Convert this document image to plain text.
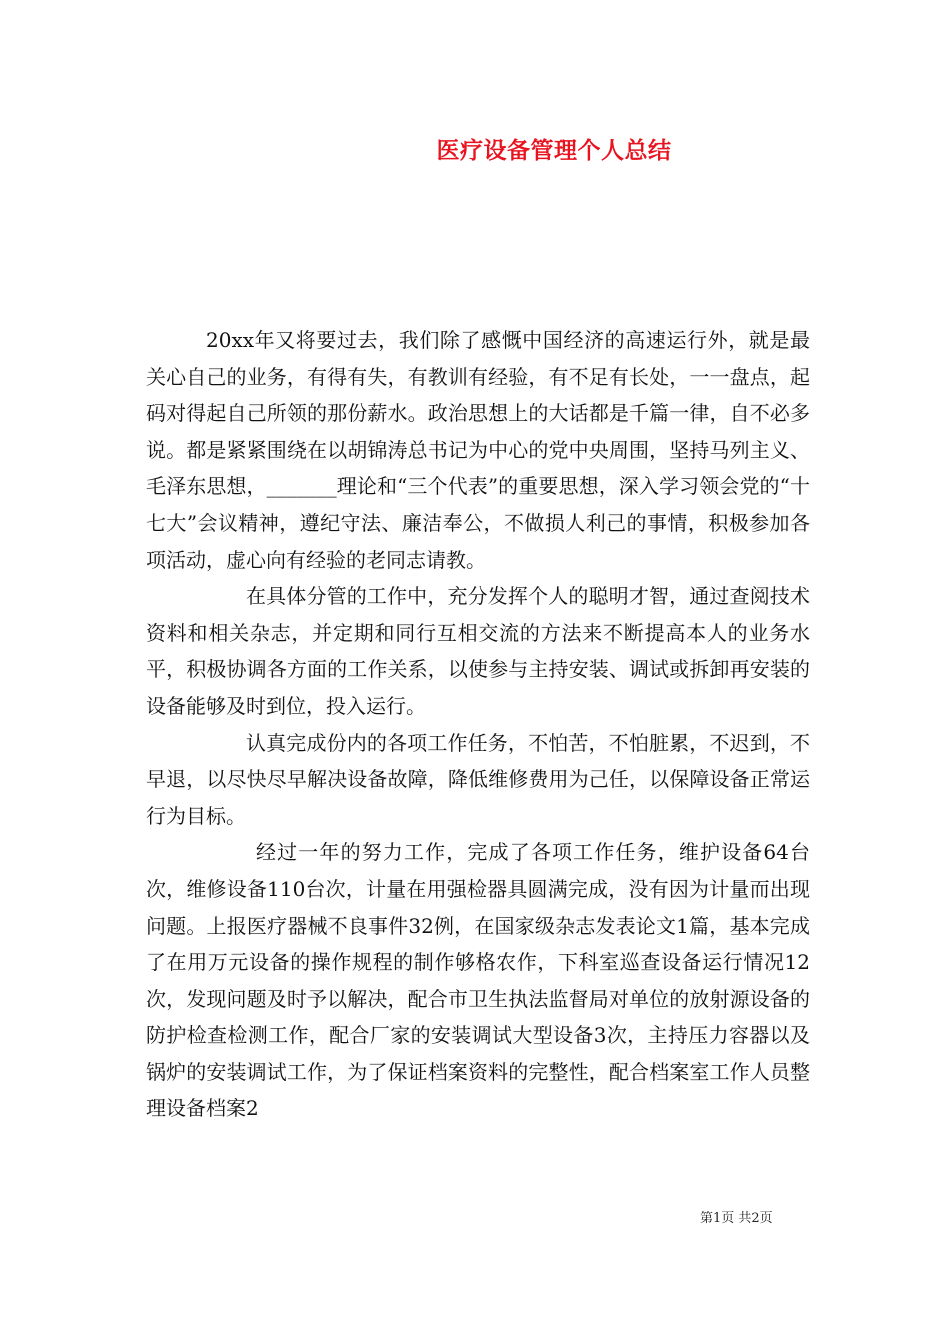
医疗设备管理个人总结

20xx年又将要过去，我们除了感慨中国经济的高速运行外，就是最关心自己的业务，有得有失，有教训有经验，有不足有长处，一一盘点，起码对得起自己所领的那份薪水。政治思想上的大话都是千篇一律，自不必多说。都是紧紧围绕在以胡锦涛总书记为中心的党中央周围，坚持马列主义、毛泽东思想，_______理论和“三个代表”的重要思想，深入学习领会党的“十七大”会议精神，遵纪守法、廉洁奉公，不做损人利己的事情，积极参加各项活动，虚心向有经验的老同志请教。

在具体分管的工作中，充分发挥个人的聪明才智，通过查阅技术资料和相关杂志，并定期和同行互相交流的方法来不断提高本人的业务水平，积极协调各方面的工作关系，以使参与主持安装、调试或拆卸再安装的设备能够及时到位，投入运行。

认真完成份内的各项工作任务，不怕苦，不怕脏累，不迟到，不早退，以尽快尽早解决设备故障，降低维修费用为己任，以保障设备正常运行为目标。

经过一年的努力工作，完成了各项工作任务，维护设备64台次，维修设备110台次，计量在用强检器具圆满完成，没有因为计量而出现问题。上报医疗器械不良事件32例，在国家级杂志发表论文1篇，基本完成了在用万元设备的操作规程的制作够格农作，下科室巡查设备运行情况12次，发现问题及时予以解决，配合市卫生执法监督局对单位的放射源设备的防护检查检测工作，配合厂家的安装调试大型设备3次，主持压力容器以及锅炉的安装调试工作，为了保证档案资料的完整性，配合档案室工作人员整理设备档案2

第1页 共2页
